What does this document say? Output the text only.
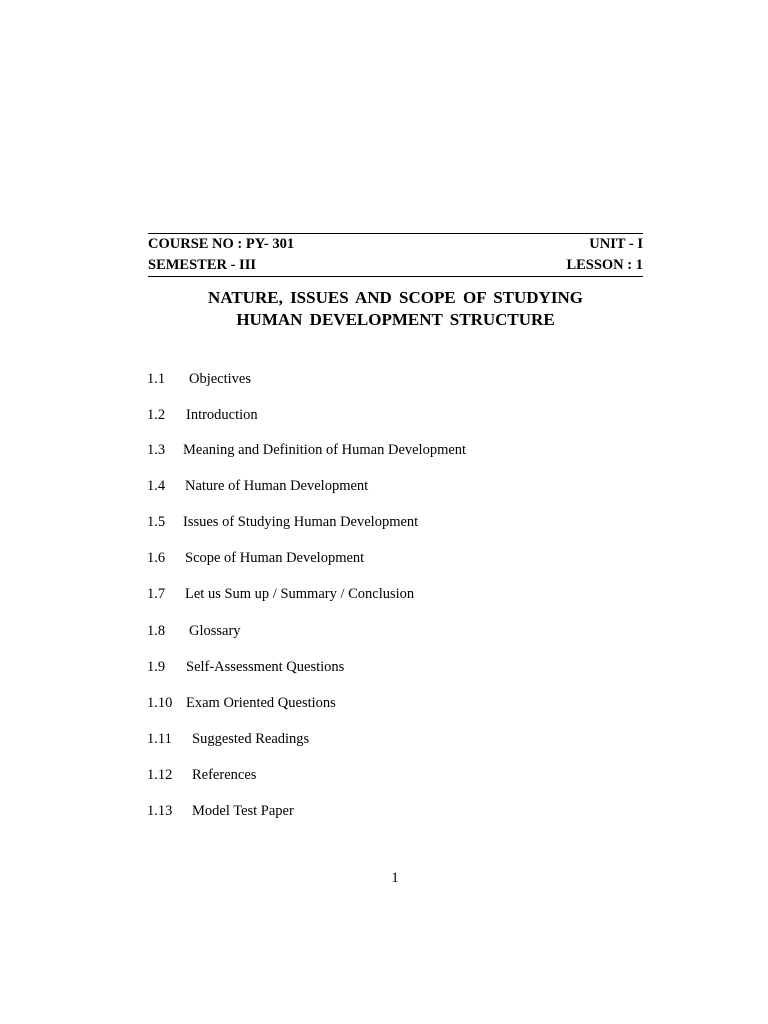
COURSE NO : PY- 301	UNIT - I
SEMESTER - III	LESSON : 1
NATURE, ISSUES AND SCOPE OF STUDYING
HUMAN DEVELOPMENT STRUCTURE
1.1 Objectives
1.2 Introduction
1.3 Meaning and Definition of Human Development
1.4 Nature of Human Development
1.5 Issues of Studying Human Development
1.6 Scope of Human Development
1.7 Let us Sum up / Summary / Conclusion
1.8 Glossary
1.9 Self-Assessment Questions
1.10 Exam Oriented Questions
1.11 Suggested Readings
1.12 References
1.13 Model Test Paper
1
